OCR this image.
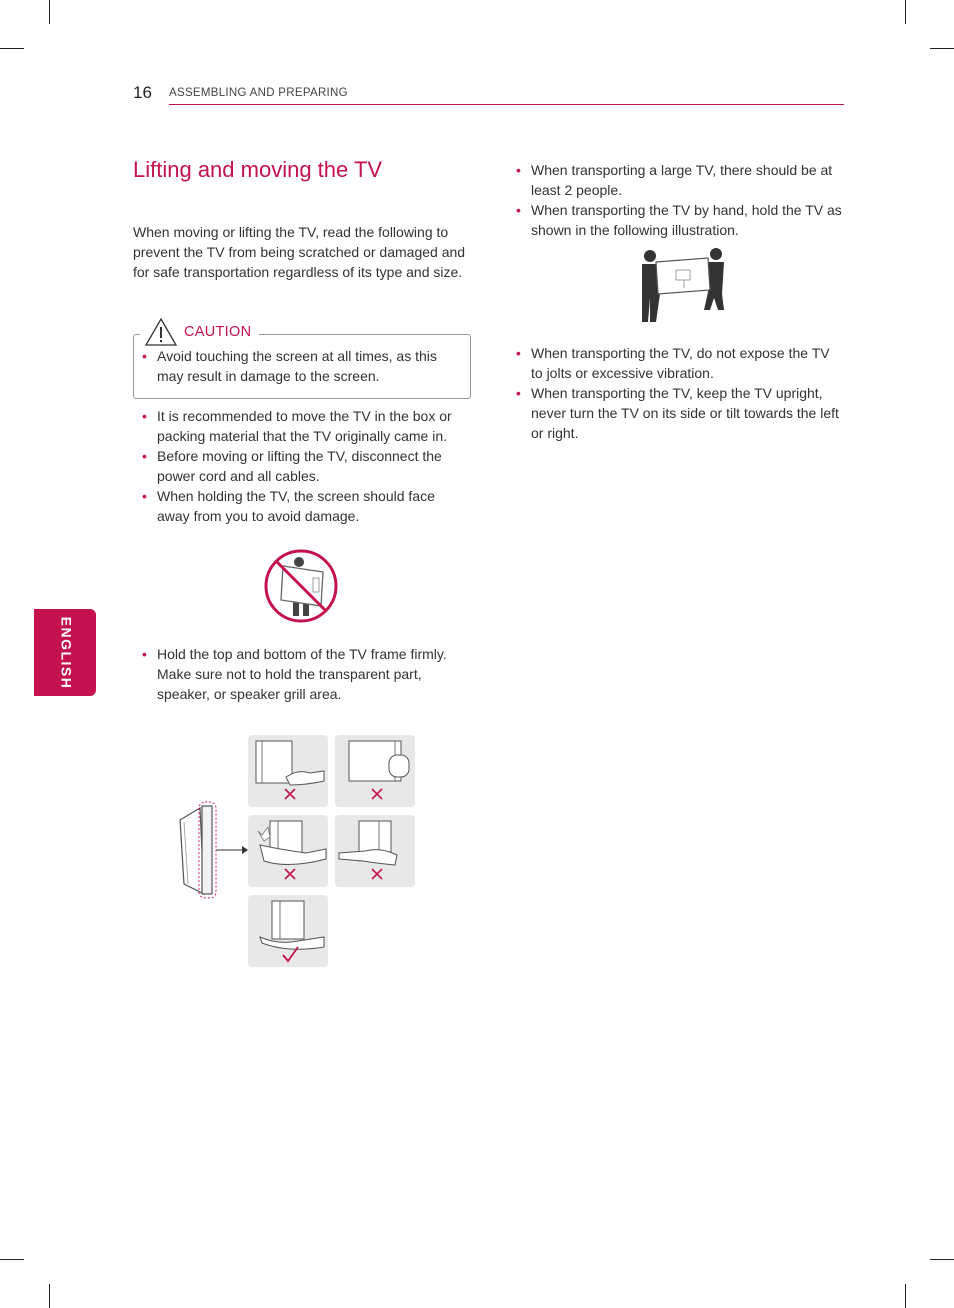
16 ASSEMBLING AND PREPARING
ENGLISH
Lifting and moving the TV
When moving or lifting the TV, read the following to prevent the TV from being scratched or damaged and for safe transportation regardless of its type and size.
CAUTION
• Avoid touching the screen at all times, as this may result in damage to the screen.
• It is recommended to move the TV in the box or packing material that the TV originally came in.
• Before moving or lifting the TV, disconnect the power cord and all cables.
• When holding the TV, the screen should face away from you to avoid damage.
• Hold the top and bottom of the TV frame firmly. Make sure not to hold the transparent part, speaker, or speaker grill area.
• When transporting a large TV, there should be at least 2 people.
• When transporting the TV by hand, hold the TV as shown in the following illustration.
• When transporting the TV, do not expose the TV to jolts or excessive vibration.
• When transporting the TV, keep the TV upright, never turn the TV on its side or tilt towards the left or right.
